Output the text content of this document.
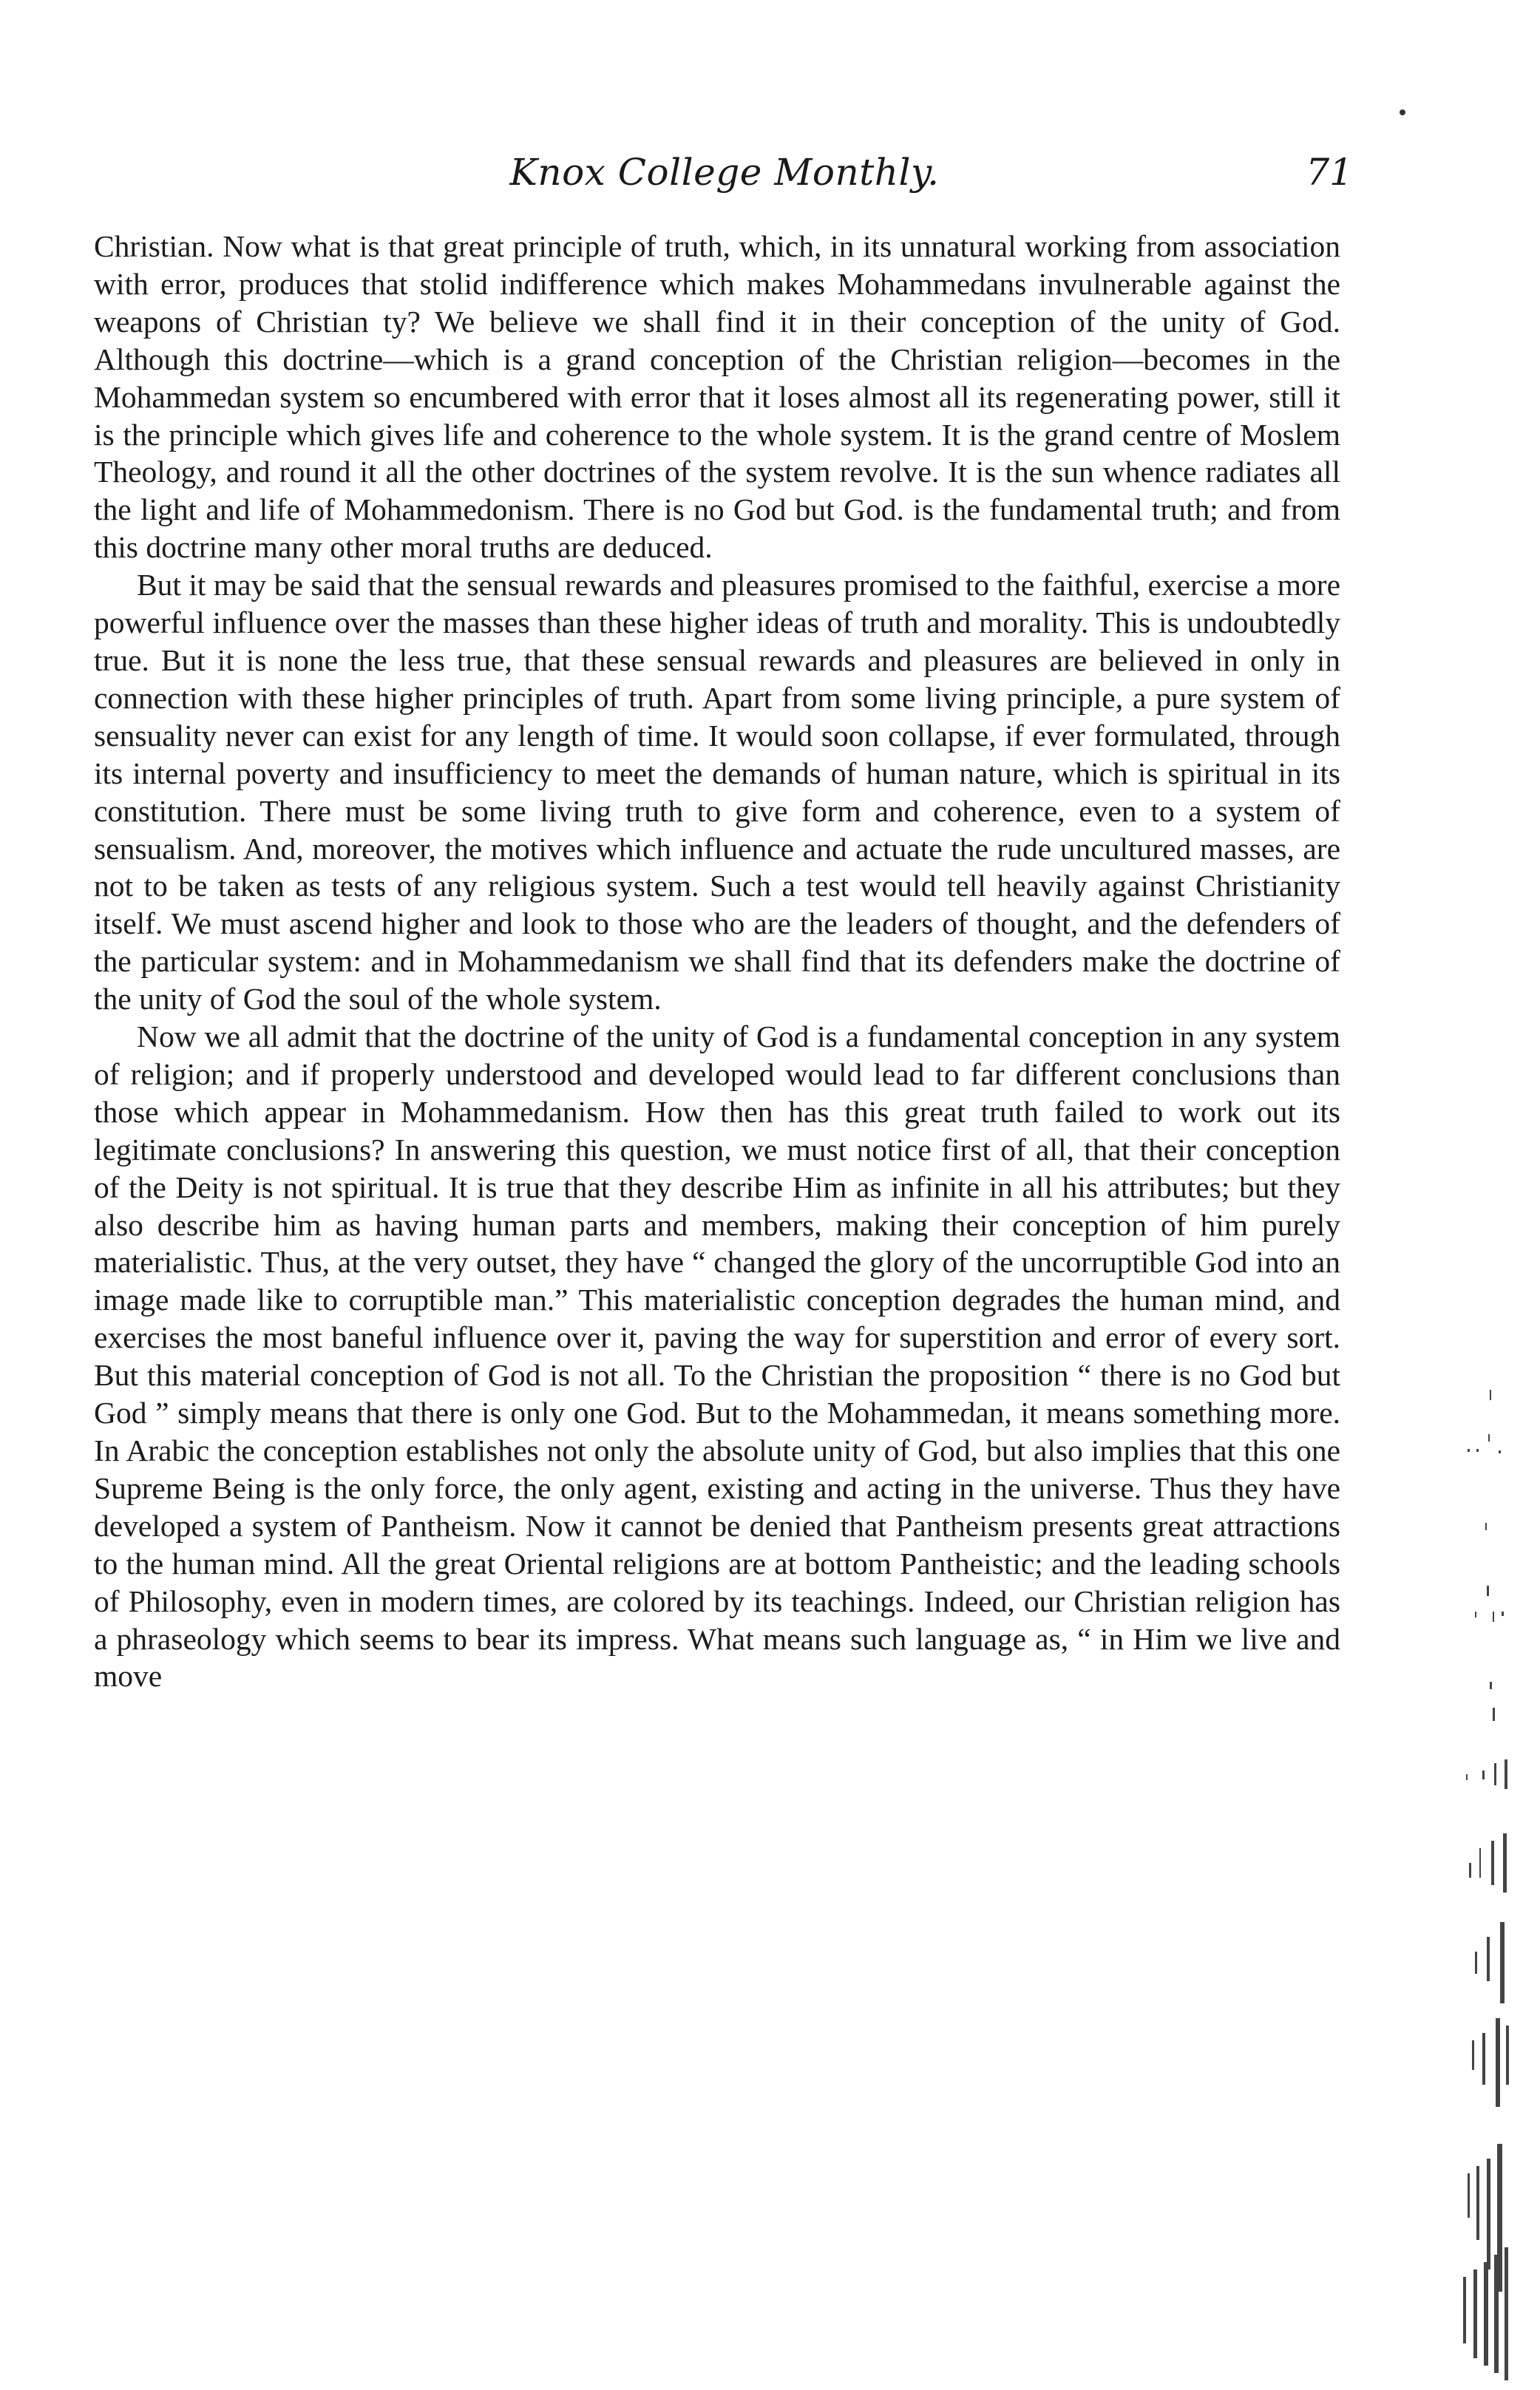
Knox College Monthly.	71

Christian. Now what is that great principle of truth, which, in its unnatural working from association with error, produces that stolid indifference which makes Mohammedans invulnerable against the weapons of Christian ty? We believe we shall find it in their conception of the unity of God. Although this doctrine—which is a grand conception of the Christian religion—becomes in the Mohammedan system so encumbered with error that it loses almost all its regenerating power, still it is the principle which gives life and coherence to the whole system. It is the grand centre of Moslem Theology, and round it all the other doctrines of the system revolve. It is the sun whence radiates all the light and life of Mohammedonism. There is no God but God. is the fundamental truth; and from this doctrine many other moral truths are deduced.

But it may be said that the sensual rewards and pleasures promised to the faithful, exercise a more powerful influence over the masses than these higher ideas of truth and morality. This is undoubtedly true. But it is none the less true, that these sensual rewards and pleasures are believed in only in connection with these higher principles of truth. Apart from some living principle, a pure system of sensuality never can exist for any length of time. It would soon collapse, if ever formulated, through its internal poverty and insufficiency to meet the demands of human nature, which is spiritual in its constitution. There must be some living truth to give form and coherence, even to a system of sensualism. And, moreover, the motives which influence and actuate the rude uncultured masses, are not to be taken as tests of any religious system. Such a test would tell heavily against Christianity itself. We must ascend higher and look to those who are the leaders of thought, and the defenders of the particular system: and in Mohammedanism we shall find that its defenders make the doctrine of the unity of God the soul of the whole system.

Now we all admit that the doctrine of the unity of God is a fundamental conception in any system of religion; and if properly understood and developed would lead to far different conclusions than those which appear in Mohammedanism. How then has this great truth failed to work out its legitimate conclusions? In answering this question, we must notice first of all, that their conception of the Deity is not spiritual. It is true that they describe Him as infinite in all his attributes; but they also describe him as having human parts and members, making their conception of him purely materialistic. Thus, at the very outset, they have “ changed the glory of the uncorruptible God into an image made like to corruptible man.” This materialistic conception degrades the human mind, and exercises the most baneful influence over it, paving the way for superstition and error of every sort. But this material conception of God is not all. To the Christian the proposition “ there is no God but God ” simply means that there is only one God. But to the Mohammedan, it means something more. In Arabic the conception establishes not only the absolute unity of God, but also implies that this one Supreme Being is the only force, the only agent, existing and acting in the universe. Thus they have developed a system of Pantheism. Now it cannot be denied that Pantheism presents great attractions to the human mind. All the great Oriental religions are at bottom Pantheistic; and the leading schools of Philosophy, even in modern times, are colored by its teachings. Indeed, our Christian religion has a phraseology which seems to bear its impress. What means such language as, “ in Him we live and move
